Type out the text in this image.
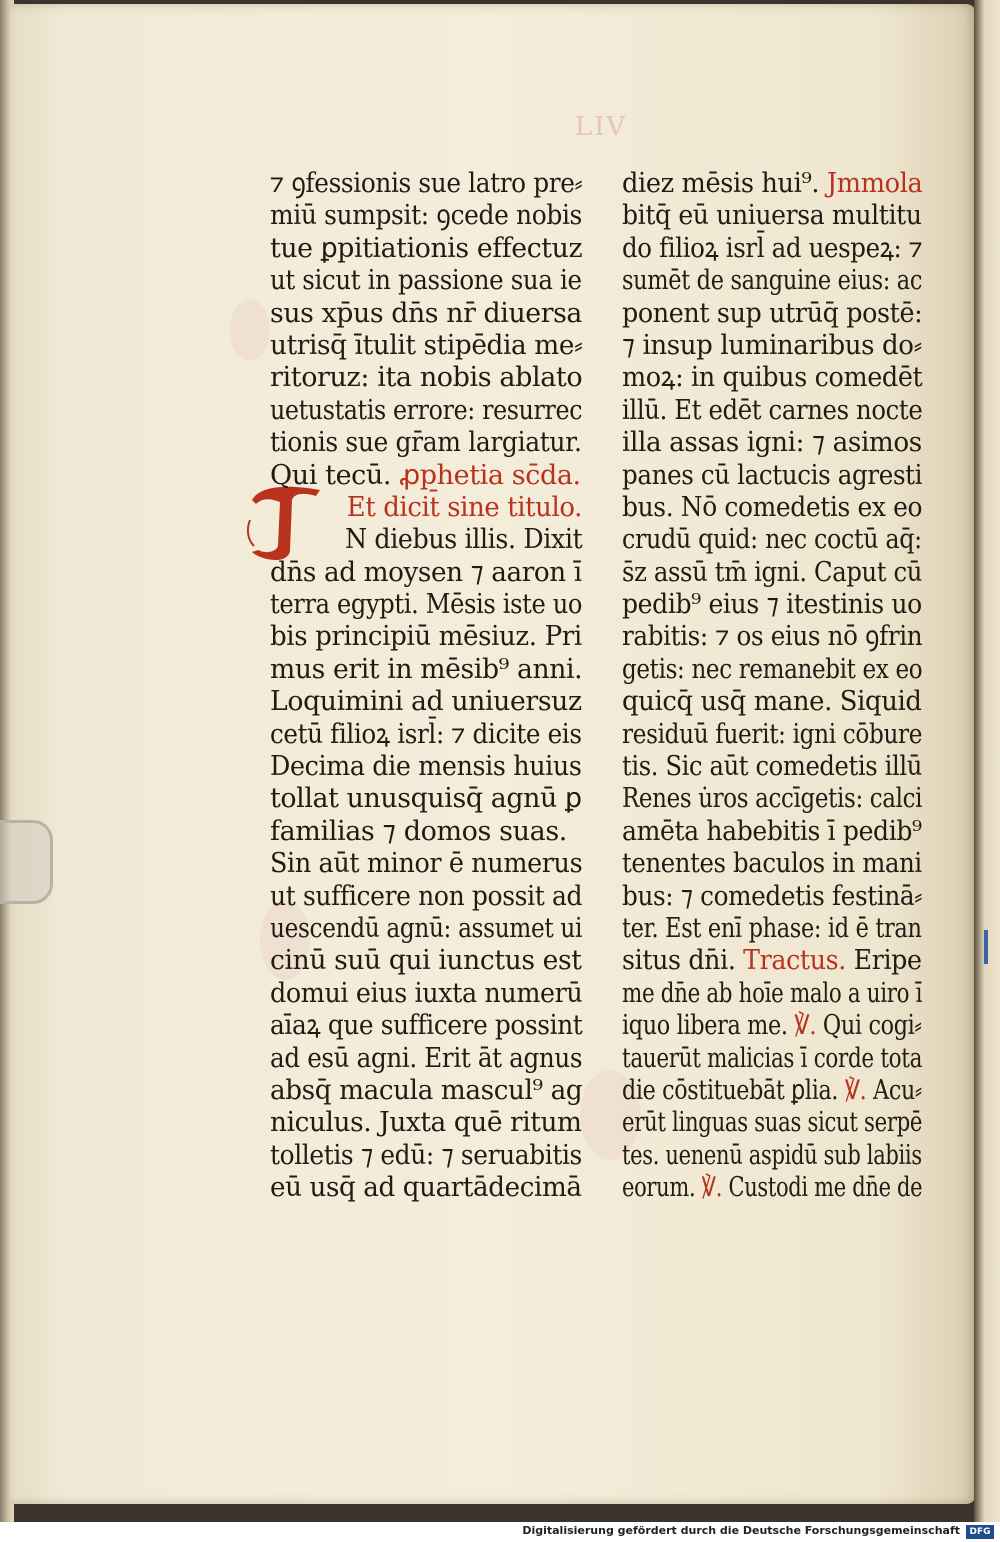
LIV
⁊ ꝯfessionis sue latro pre⸗
miū sumpsit: ꝯcede nobis
tue ꝑpitiationis effectuz
ut sicut in passione sua ie
sus xp̄us dn̄s nr̄ diuersa
utrisq̄ ītulit stipēdia me⸗
ritoruz: ita nobis ablato
uetustatis errore: resurrec
tionis sue gr̄am largiatur.
Qui tecū. ꝓphetia sc̄da.
Et dicit̄ sine titulo.
N diebus illis. Dixit
dn̄s ad moysen ⁊ aaron ī
terra egypti. Mēsis iste uo
bis principiū mēsiuz. Pri
mus erit in mēsib⁹ anni.
Loquimini ad uniuersuz
cetū filioꝝ isrl̄: ⁊ dicite eis
Decima die mensis huius
tollat unusquisq̄ agnū ꝑ
familias ⁊ domos suas.
Sin aūt minor ē numerus
ut sufficere non possit ad
uescendū agnū: assumet ui
cinū suū qui iunctus est
domui eius iuxta numerū
aīaꝝ que sufficere possint
ad esū agni. Erit āt agnus
absq̄ macula mascul⁹ ag
niculus. Juxta quē ritum
tolletis ⁊ edū: ⁊ seruabitis
eū usq̄ ad quartādecimā
diez mēsis hui⁹. Jmmola
bitq̄ eū uniuersa multitu
do filioꝝ isrl̄ ad uespeꝝ: ⁊
sumēt de sanguine eius: ac
ponent sup utrūq̄ postē:
⁊ insup luminaribus do⸗
moꝝ: in quibus comedēt
illū. Et edēt carnes nocte
illa assas igni: ⁊ asimos
panes cū lactucis agresti
bus. Nō comedetis ex eo
crudū quid: nec coctū aq̄:
s̄z assū tm̄ igni. Caput cū
pedib⁹ eius ⁊ itestinis uo
rabitis: ⁊ os eius nō ꝯfrin
getis: nec remanebit ex eo
quicq̄ usq̄ mane. Siquid
residuū fuerit: igni cōbure
tis. Sic aūt comedetis illū
Renes u̇ros accīgetis: calci
amēta habebitis ī pedib⁹
tenentes baculos in mani
bus: ⁊ comedetis festinā⸗
ter. Est enī phase: id ē tran
situs dn̄i. Tractus. Eripe
me dn̄e ab hoīe malo a uiro ī
iquo libera me. ℣. Qui cogi⸗
tauerūt malicias ī corde tota
die cōstituebāt ꝑlia. ℣. Acu⸗
erūt linguas suas sicut serpē
tes. uenenū aspidū sub labiis
eorum. ℣. Custodi me dn̄e de
Digitalisierung gefördert durch die Deutsche Forschungsgemeinschaft	DFG
